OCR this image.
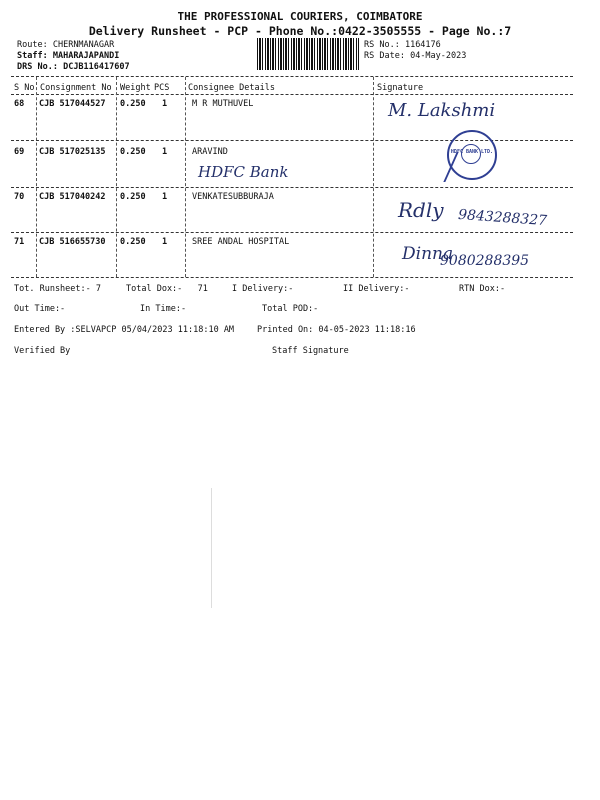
THE PROFESSIONAL COURIERS, COIMBATORE
Delivery Runsheet - PCP - Phone No.:0422-3505555 - Page No.:7
Route: CHERNMANAGAR
Staff: MAHARAJAPANDI
DRS No.: DCJB116417607
RS No.: 1164176
RS Date: 04-May-2023
S No Consignment No Weight PCS Consignee Details	Signature
68 CJB 517044527 0.250 1	M R MUTHUVEL	M. Lakshmi
69 CJB 517025135 0.250 1	ARAVIND
HDFC Bank
HDFC BANK LTD.
70 CJB 517040242 0.250 1	VENKATESUBBURAJA
Rdly 9843288327
71 CJB 516655730 0.250 1	SREE ANDAL HOSPITAL
Dinna
9080288395
Tot. Runsheet:- 7	Total Dox:-   71	I Delivery:-	II Delivery:-	RTN Dox:-
Out Time:-	In Time:-	Total POD:-
Entered By :SELVAPCP 05/04/2023 11:18:10 AM	Printed On: 04-05-2023 11:18:16
Verified By	Staff Signature
